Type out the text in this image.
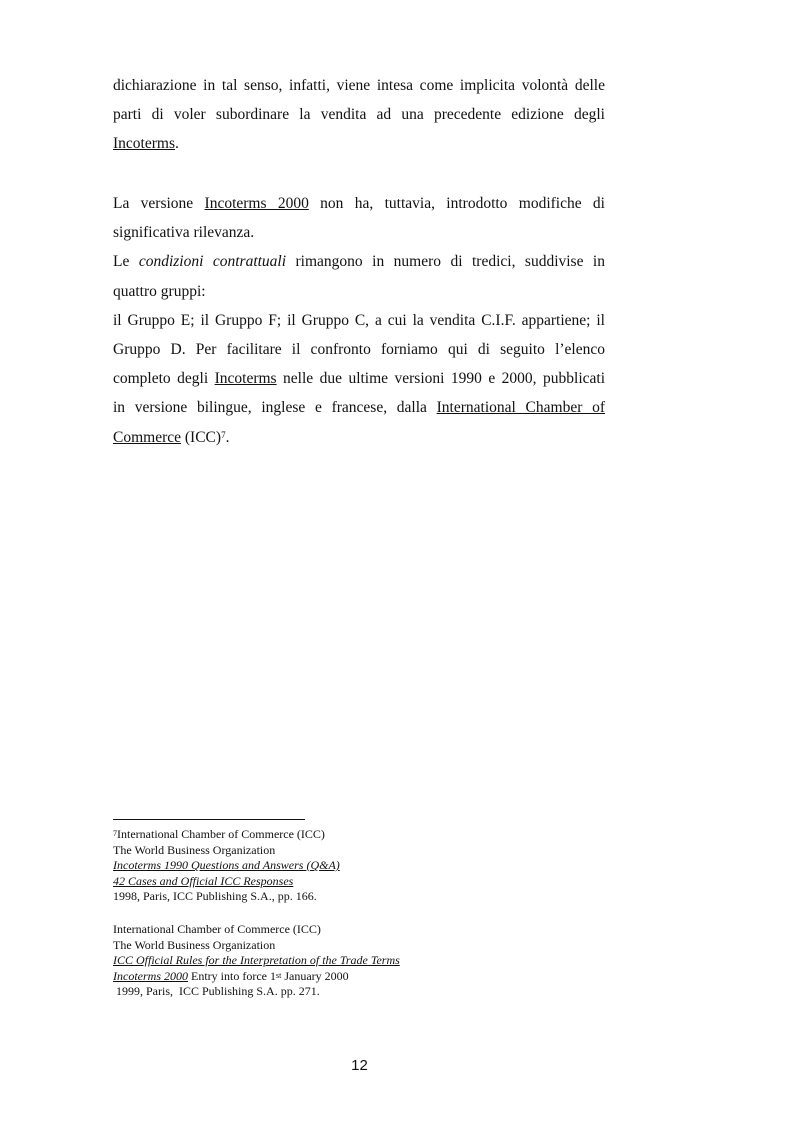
dichiarazione in tal senso, infatti, viene intesa come implicita volontà delle
parti di voler subordinare la vendita ad una precedente edizione degli
Incoterms.

La versione Incoterms 2000 non ha, tuttavia, introdotto modifiche di
significativa rilevanza.
Le condizioni contrattuali rimangono in numero di tredici, suddivise in
quattro gruppi:
il Gruppo E; il Gruppo F; il Gruppo C, a cui la vendita C.I.F. appartiene; il
Gruppo D. Per facilitare il confronto forniamo qui di seguito l’elenco
completo degli Incoterms nelle due ultime versioni 1990 e 2000, pubblicati
in versione bilingue, inglese e francese, dalla International Chamber of
Commerce (ICC)$^7$.

$^7$International Chamber of Commerce (ICC)
The World Business Organization
Incoterms 1990 Questions and Answers (Q&A)
42 Cases and Official ICC Responses
1998, Paris, ICC Publishing S.A., pp. 166.
International Chamber of Commerce (ICC)
The World Business Organization
ICC Official Rules for the Interpretation of the Trade Terms
Incoterms 2000 Entry into force 1st January 2000
1999, Paris,  ICC Publishing S.A. pp. 271.
12
